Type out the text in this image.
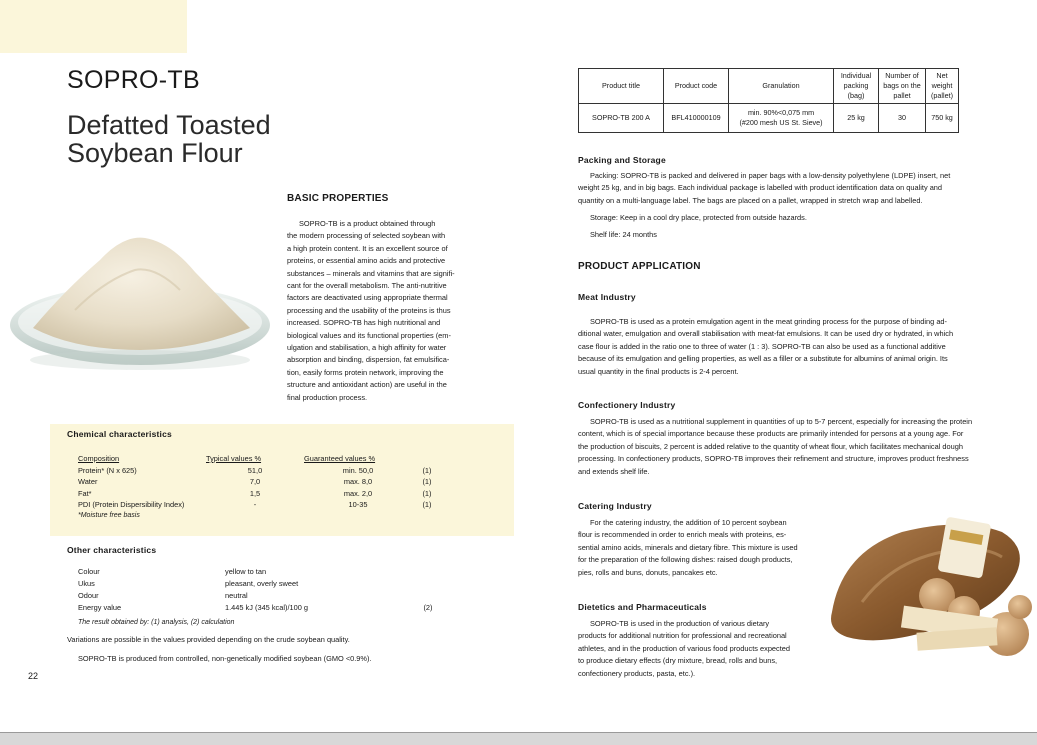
SOPRO-TB
Defatted Toasted
Soybean Flour
BASIC PROPERTIES
SOPRO-TB is a product obtained through
the modern processing of selected soybean with
a high protein content. It is an excellent source of
proteins, or essential amino acids and protective
substances – minerals and vitamins that are signifi-
cant for the overall metabolism. The anti-nutritive
factors are deactivated using appropriate thermal
processing and the usability of the proteins is thus
increased. SOPRO-TB has high nutritional and
biological values and its functional properties (em-
ulgation and stabilisation, a high affinity for water
absorption and binding, dispersion, fat emulsifica-
tion, easily forms protein network, improving the
structure and antioxidant action) are useful in the
final production process.
Chemical characteristics
Composition	Typical values %	Guaranteed values %	
Protein* (N x 625)	51,0	min. 50,0	(1)
Water	7,0	max. 8,0	(1)
Fat*	1,5	max. 2,0	(1)
PDI (Protein Dispersibility Index)	-	10-35	(1)
*Moisture free basis			
Other characteristics
Colour	yellow to tan	
Ukus	pleasant, overly sweet	
Odour	neutral	
Energy value	1.445 kJ (345 kcal)/100 g	(2)
The result obtained by: (1) analysis, (2) calculation
Variations are possible in the values provided depending on the crude soybean quality.
SOPRO-TB is produced from controlled, non-genetically modified soybean (GMO <0.9%).
22
Product title	Product code	Granulation	Individual packing (bag)	Number of bags on the pallet	Net weight (pallet)
SOPRO-TB 200 A	BFL410000109	min. 90%<0,075 mm
(#200 mesh US St. Sieve)	25 kg	30	750 kg
Packing and Storage
Packing: SOPRO-TB is packed and delivered in paper bags with a low-density polyethylene (LDPE) insert, net
weight 25 kg, and in big bags. Each individual package is labelled with product identification data on quality and
quantity on a multi-language label. The bags are placed on a pallet, wrapped in stretch wrap and labelled.
Storage: Keep in a cool dry place, protected from outside hazards.
Shelf life: 24 months
PRODUCT APPLICATION
Meat Industry
SOPRO-TB is used as a protein emulgation agent in the meat grinding process for the purpose of binding ad-
ditional water, emulgation and overall stabilisation with meat-fat emulsions. It can be used dry or hydrated, in which
case flour is added in the ratio one to three of water (1 : 3). SOPRO-TB can also be used as a functional additive
because of its emulgation and gelling properties, as well as a filler or a substitute for albumins of animal origin. Its
usual quantity in the final products is 2-4 percent.
Confectionery Industry
SOPRO-TB is used as a nutritional supplement in quantities of up to 5-7 percent, especially for increasing the protein
content, which is of special importance because these products are primarily intended for persons at a young age. For
the production of biscuits, 2 percent is added relative to the quantity of wheat flour, which facilitates mechanical dough
processing. In confectionery products, SOPRO-TB improves their refinement and structure, improves product freshness
and extends shelf life.
Catering Industry
For the catering industry, the addition of 10 percent soybean
flour is recommended in order to enrich meals with proteins, es-
sential amino acids, minerals and dietary fibre. This mixture is used
for the preparation of the following dishes: raised dough products,
pies, rolls and buns, donuts, pancakes etc.
Dietetics and Pharmaceuticals
SOPRO-TB is used in the production of various dietary
products for additional nutrition for professional and recreational
athletes, and in the production of various food products expected
to produce dietary effects (dry mixture, bread, rolls and buns,
confectionery products, pasta, etc.).
